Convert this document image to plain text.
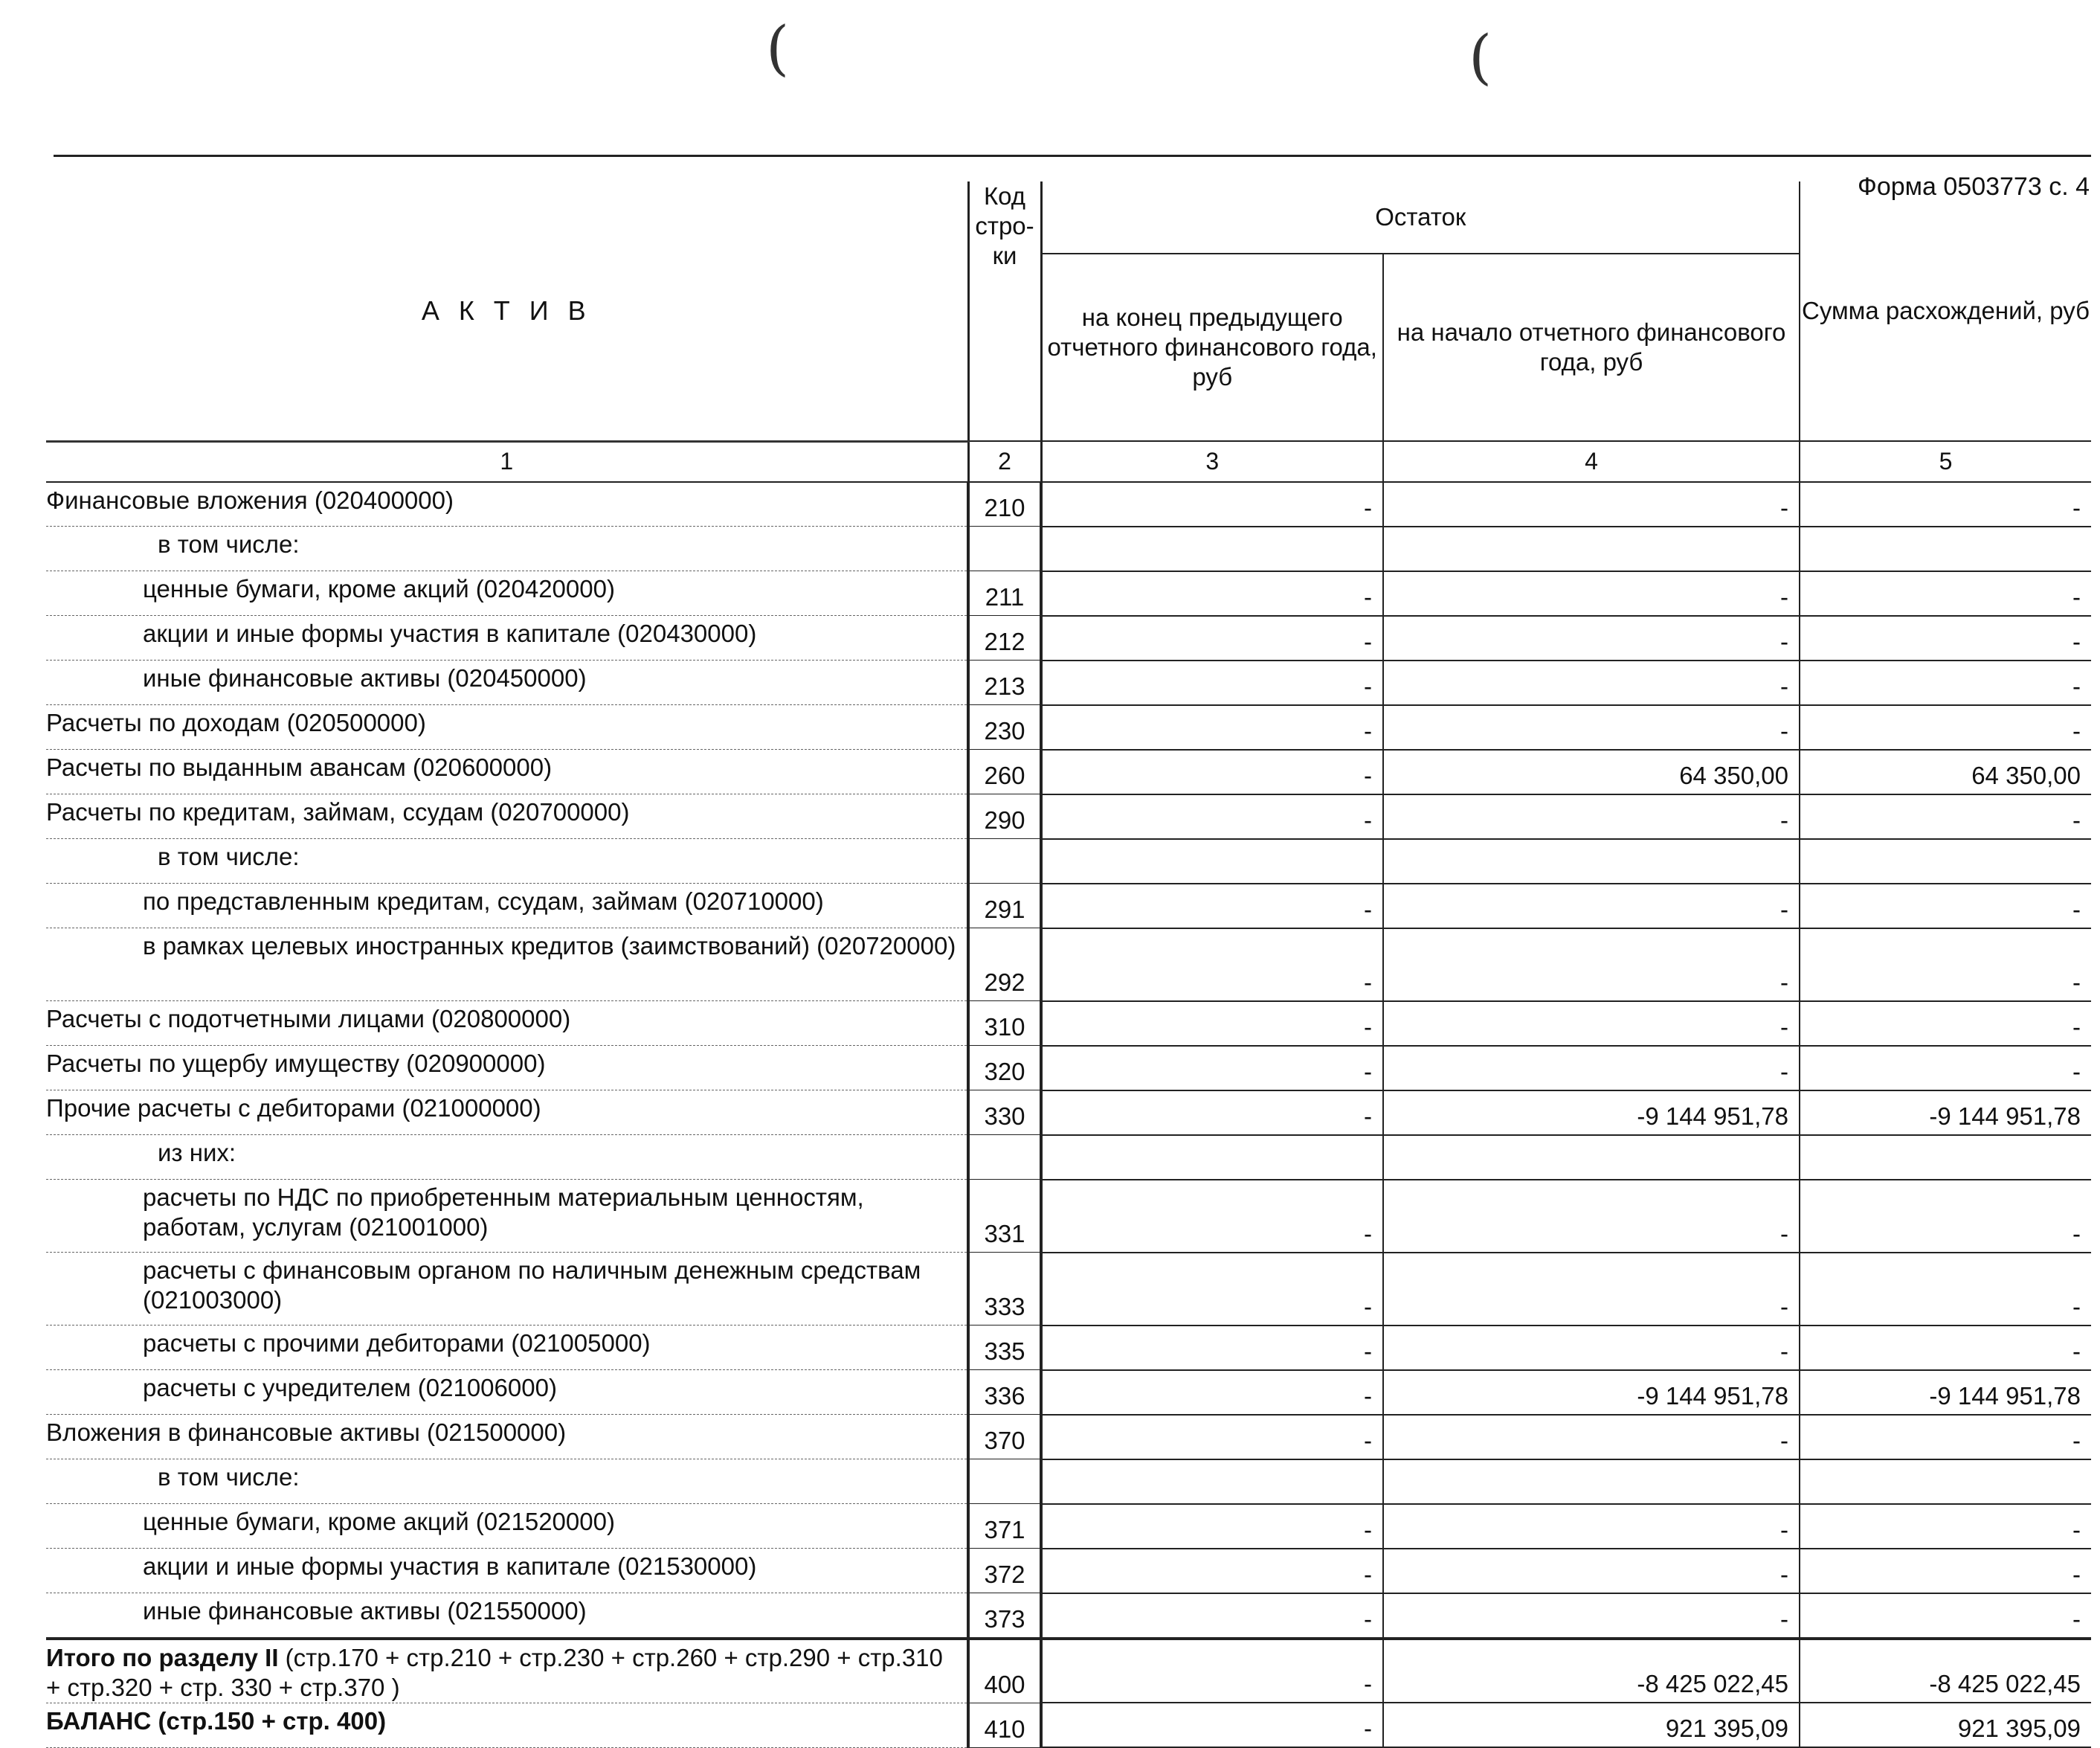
(	(
Форма 0503773 с. 4
А К Т И В	Код стро-ки	Остаток		Сумма расхождений, руб
		на конец предыдущего отчетного финансового года, руб	на начало отчетного финансового года, руб	
1	2	3	4	5
Финансовые вложения (020400000)	210	-	-	-
в том числе:				
ценные бумаги, кроме акций (020420000)	211	-	-	-
акции и иные формы участия в капитале (020430000)	212	-	-	-
иные финансовые активы (020450000)	213	-	-	-
Расчеты по доходам (020500000)	230	-	-	-
Расчеты по выданным авансам (020600000)	260	-	64 350,00	64 350,00
Расчеты по кредитам, займам, ссудам (020700000)	290	-	-	-
в том числе:				
по представленным кредитам, ссудам, займам (020710000)	291	-	-	-
в рамках целевых иностранных кредитов (заимствований) (020720000)	292	-	-	-
Расчеты с подотчетными лицами (020800000)	310	-	-	-
Расчеты по ущербу имуществу (020900000)	320	-	-	-
Прочие расчеты с дебиторами (021000000)	330	-	-9 144 951,78	-9 144 951,78
из них:				
расчеты по НДС по приобретенным материальным ценностям, работам, услугам (021001000)	331	-	-	-
расчеты с финансовым органом по наличным денежным средствам (021003000)	333	-	-	-
расчеты с прочими дебиторами (021005000)	335	-	-	-
расчеты с учредителем (021006000)	336	-	-9 144 951,78	-9 144 951,78
Вложения в финансовые активы (021500000)	370	-	-	-
в том числе:				
ценные бумаги, кроме акций (021520000)	371	-	-	-
акции и иные формы участия в капитале (021530000)	372	-	-	-
иные финансовые активы (021550000)	373	-	-	-
Итого по разделу II (стр.170 + стр.210 + стр.230 + стр.260 + стр.290 + стр.310 + стр.320 + стр. 330 + стр.370 )	400	-	-8 425 022,45	-8 425 022,45
БАЛАНС (стр.150 + стр. 400)	410	-	921 395,09	921 395,09
